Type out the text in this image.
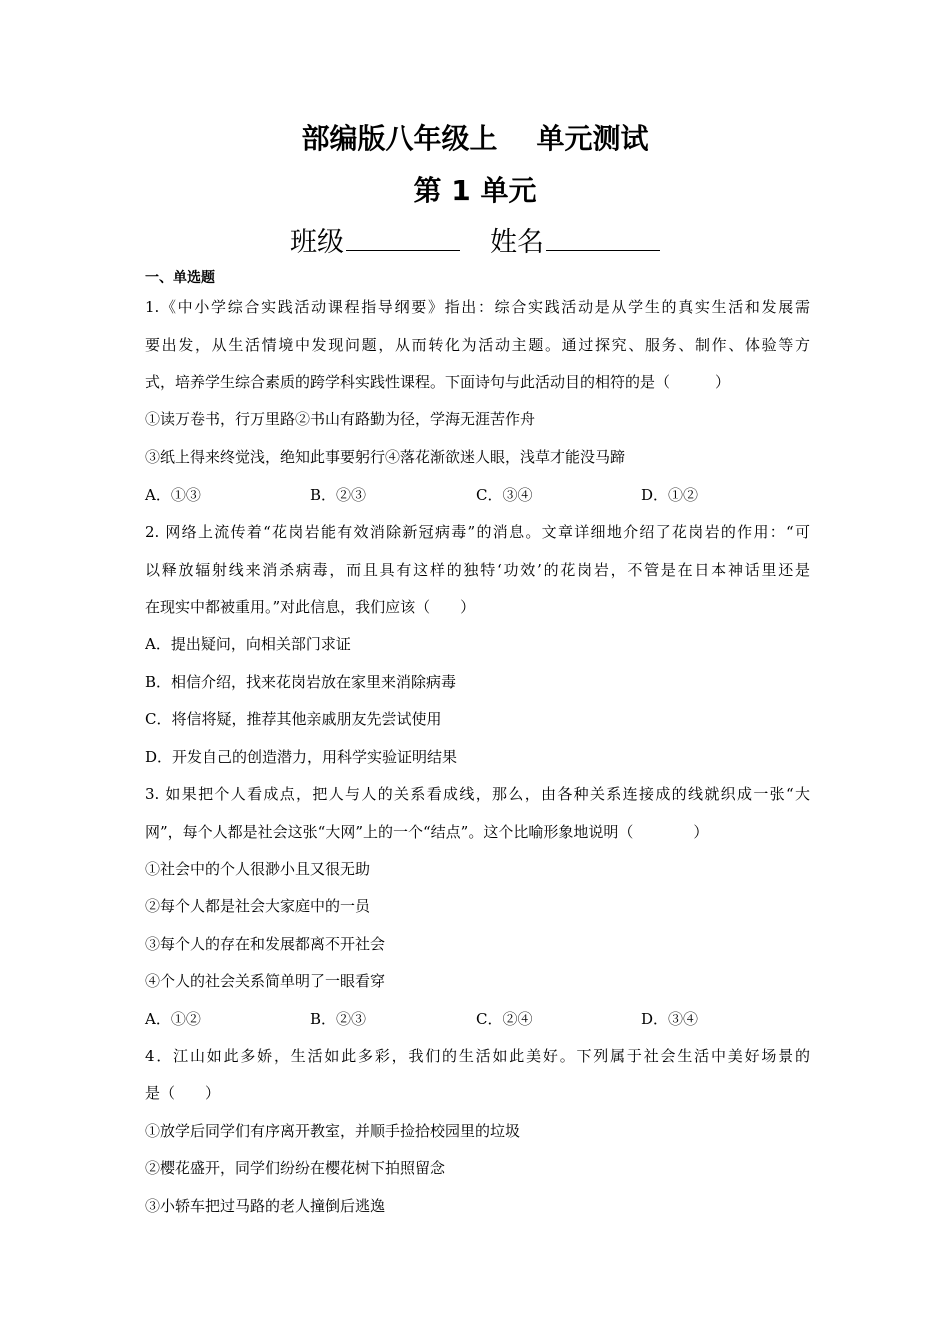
部编版八年级上    单元测试
第 1 单元
班级	姓名
一、单选题
1.《中小学综合实践活动课程指导纲要》指出：综合实践活动是从学生的真实生活和发展需
要出发，从生活情境中发现问题，从而转化为活动主题。通过探究、服务、制作、体验等方
式，培养学生综合素质的跨学科实践性课程。下面诗句与此活动目的相符的是（　　　）
①读万卷书，行万里路②书山有路勤为径，学海无涯苦作舟
③纸上得来终觉浅，绝知此事要躬行④落花渐欲迷人眼，浅草才能没马蹄
A．①③	B．②③	C．③④	D．①②
2. 网络上流传着“花岗岩能有效消除新冠病毒”的消息。文章详细地介绍了花岗岩的作用：“可
以释放辐射线来消杀病毒，而且具有这样的独特‘功效’的花岗岩，不管是在日本神话里还是
在现实中都被重用。”对此信息，我们应该（　　）
A．提出疑问，向相关部门求证
B．相信介绍，找来花岗岩放在家里来消除病毒
C．将信将疑，推荐其他亲戚朋友先尝试使用
D．开发自己的创造潜力，用科学实验证明结果
3. 如果把个人看成点，把人与人的关系看成线，那么，由各种关系连接成的线就织成一张“大
网”，每个人都是社会这张“大网”上的一个“结点”。这个比喻形象地说明（　　　　）
①社会中的个人很渺小且又很无助
②每个人都是社会大家庭中的一员
③每个人的存在和发展都离不开社会
④个人的社会关系简单明了一眼看穿
A．①②	B．②③	C．②④	D．③④
4．江山如此多娇，生活如此多彩，我们的生活如此美好。下列属于社会生活中美好场景的
是（　　）
①放学后同学们有序离开教室，并顺手捡拾校园里的垃圾
②樱花盛开，同学们纷纷在樱花树下拍照留念
③小轿车把过马路的老人撞倒后逃逸
